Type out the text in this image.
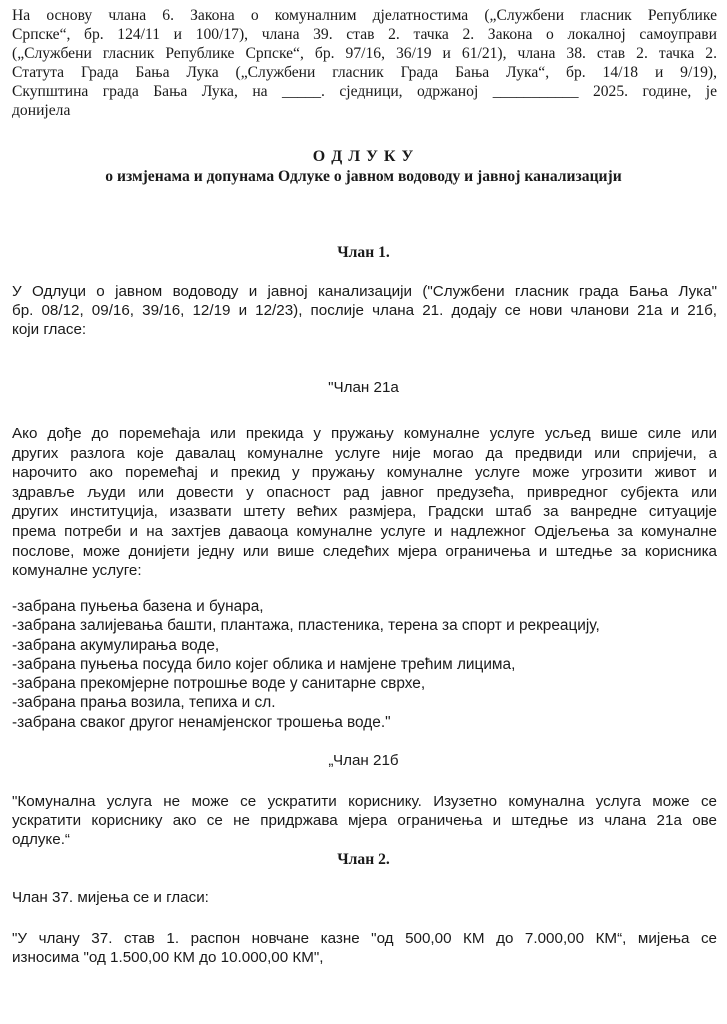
На основу члана 6. Закона о комуналним дјелатностима („Службени гласник Републике
Српске“, бр. 124/11 и 100/17), члана 39. став 2. тачка 2. Закона о локалној самоуправи
(„Службени гласник Републике Српске“, бр. 97/16, 36/19 и 61/21), члана 38. став 2. тачка 2.
Статута Града Бања Лука („Службени гласник Града Бања Лука“, бр. 14/18 и 9/19),
Скупштина града Бања Лука, на _____. сједници, одржаној ___________ 2025. године, је
донијела
О Д Л У К У
о измјенама и допунама Одлуке о јавном водоводу и јавној канализацији
Члан 1.
У Одлуци о јавном водоводу и јавној канализацији ("Службени гласник града Бања Лука"
бр. 08/12, 09/16, 39/16, 12/19 и 12/23), послије члана 21. додају се нови чланови 21а и 21б,
који гласе:
"Члан 21а
Ако дође до поремећаја или прекида у пружању комуналне услуге усљед више силе или
других разлога које давалац комуналне услуге није могао да предвиди или спријечи, а
нарочито ако поремећај и прекид у пружању комуналне услуге може угрозити живот и
здравље људи или довести у опасност рад јавног предузећа, привредног субјекта или
других институција, изазвати штету већих размјера, Градски штаб за ванредне ситуације
према потреби и на захтјев даваоца комуналне услуге и надлежног Одјељења за комуналне
послове, може донијети једну или више следећих мјера ограничења и штедње за корисника
комуналне услуге:
-забрана пуњења базена и бунара,
-забрана залијевања башти, плантажа, пластеника, терена за спорт и рекреацију,
-забрана акумулирања воде,
-забрана пуњења посуда било којег облика и намјене трећим лицима,
-забрана прекомјерне потрошње воде у санитарне сврхе,
-забрана прања возила, тепиха и сл.
-забрана сваког другог ненамјенског трошења воде."
„Члан 21б
"Комунална услуга не може се ускратити кориснику. Изузетно комунална услуга може се
ускратити кориснику ако се не придржава мјера ограничења и штедње из члана 21а ове
одлуке.“
Члан 2.
Члан 37. мијења се и гласи:
"У члану 37. став 1. распон новчане казне "од 500,00 КМ до 7.000,00 КМ“, мијења се
износима "од 1.500,00 КМ до 10.000,00 КМ",
